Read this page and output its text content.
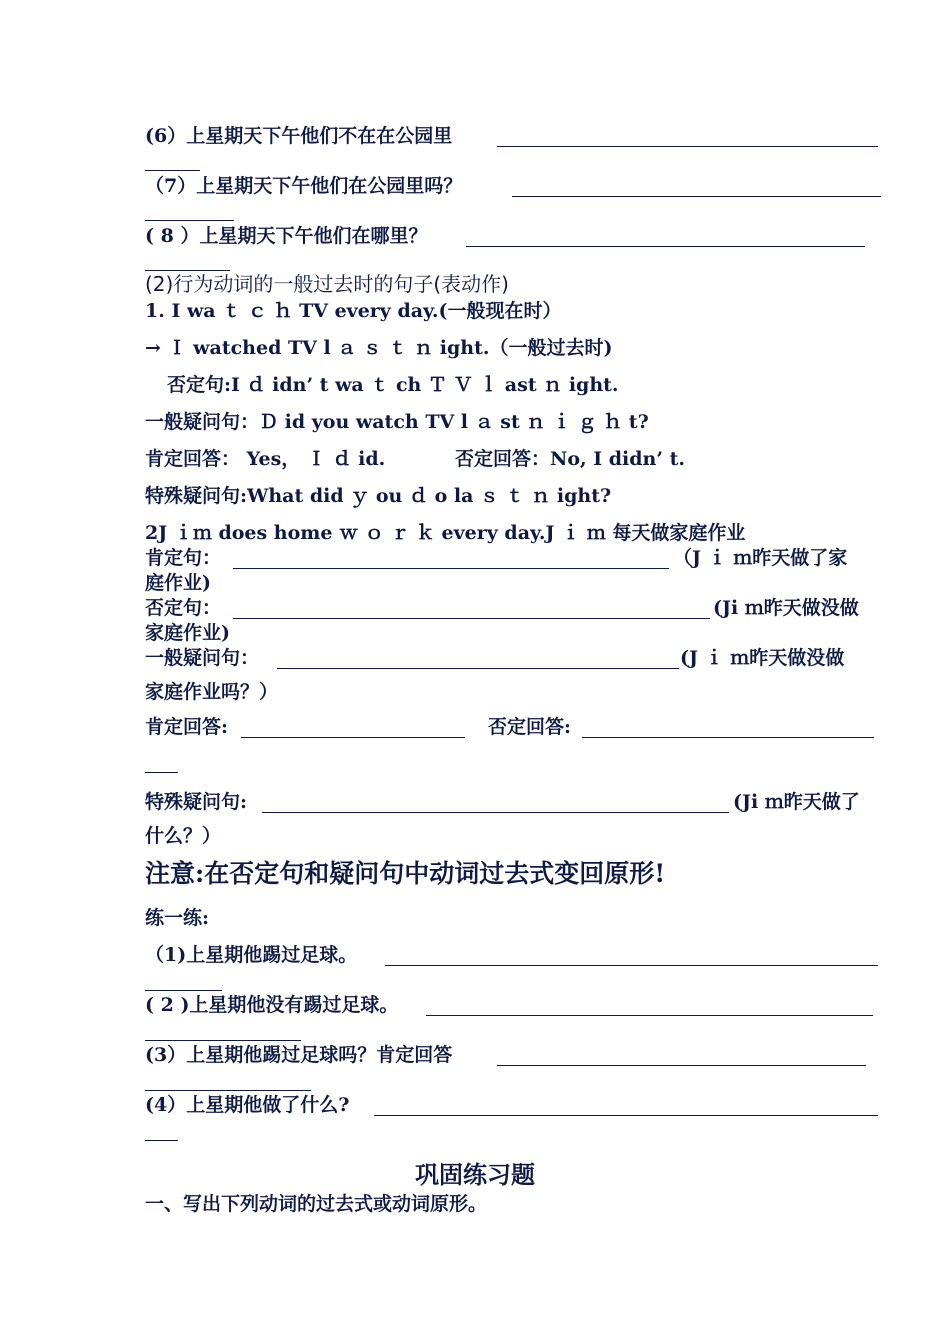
(6）上星期天下午他们不在在公园里
（7）上星期天下午他们在公园里吗？
( 8 ）上星期天下午他们在哪里？
(2)行为动词的一般过去时的句子(表动作)
1. I wa ｔ ｃ ｈ TV every day.(一般现在时）
→ Ｉ watched TV l ａ ｓ ｔ ｎ ight.（一般过去时)
否定句:I ｄ idn’ t wa ｔ ch Ｔ Ｖ ｌ ast ｎ ight.
一般疑问句：Ｄ id you watch TV l ａ st ｎ ｉ ｇ ｈ t?
肯定回答： Yes， Ｉ ｄ id.	否定回答：No, I didn’ t.
特殊疑问句:What did ｙ ou ｄ o la ｓ ｔ ｎ ight?
2J ｉｍ does home ｗ ｏ ｒ ｋ every day.J ｉ ｍ 每天做家庭作业
肯定句：	（J ｉ ｍ昨天做了家
庭作业)
否定句：	(Ji ｍ昨天做没做
家庭作业)
一般疑问句：	(J ｉ ｍ昨天做没做
家庭作业吗？）
肯定回答:	否定回答:
特殊疑问句:	(Ji ｍ昨天做了
什么？）
注意:在否定句和疑问句中动词过去式变回原形!
练一练:
（1)上星期他踢过足球。
( 2 )上星期他没有踢过足球。
(3）上星期他踢过足球吗？肯定回答
(4）上星期他做了什么?
巩固练习题
一、写出下列动词的过去式或动词原形。
